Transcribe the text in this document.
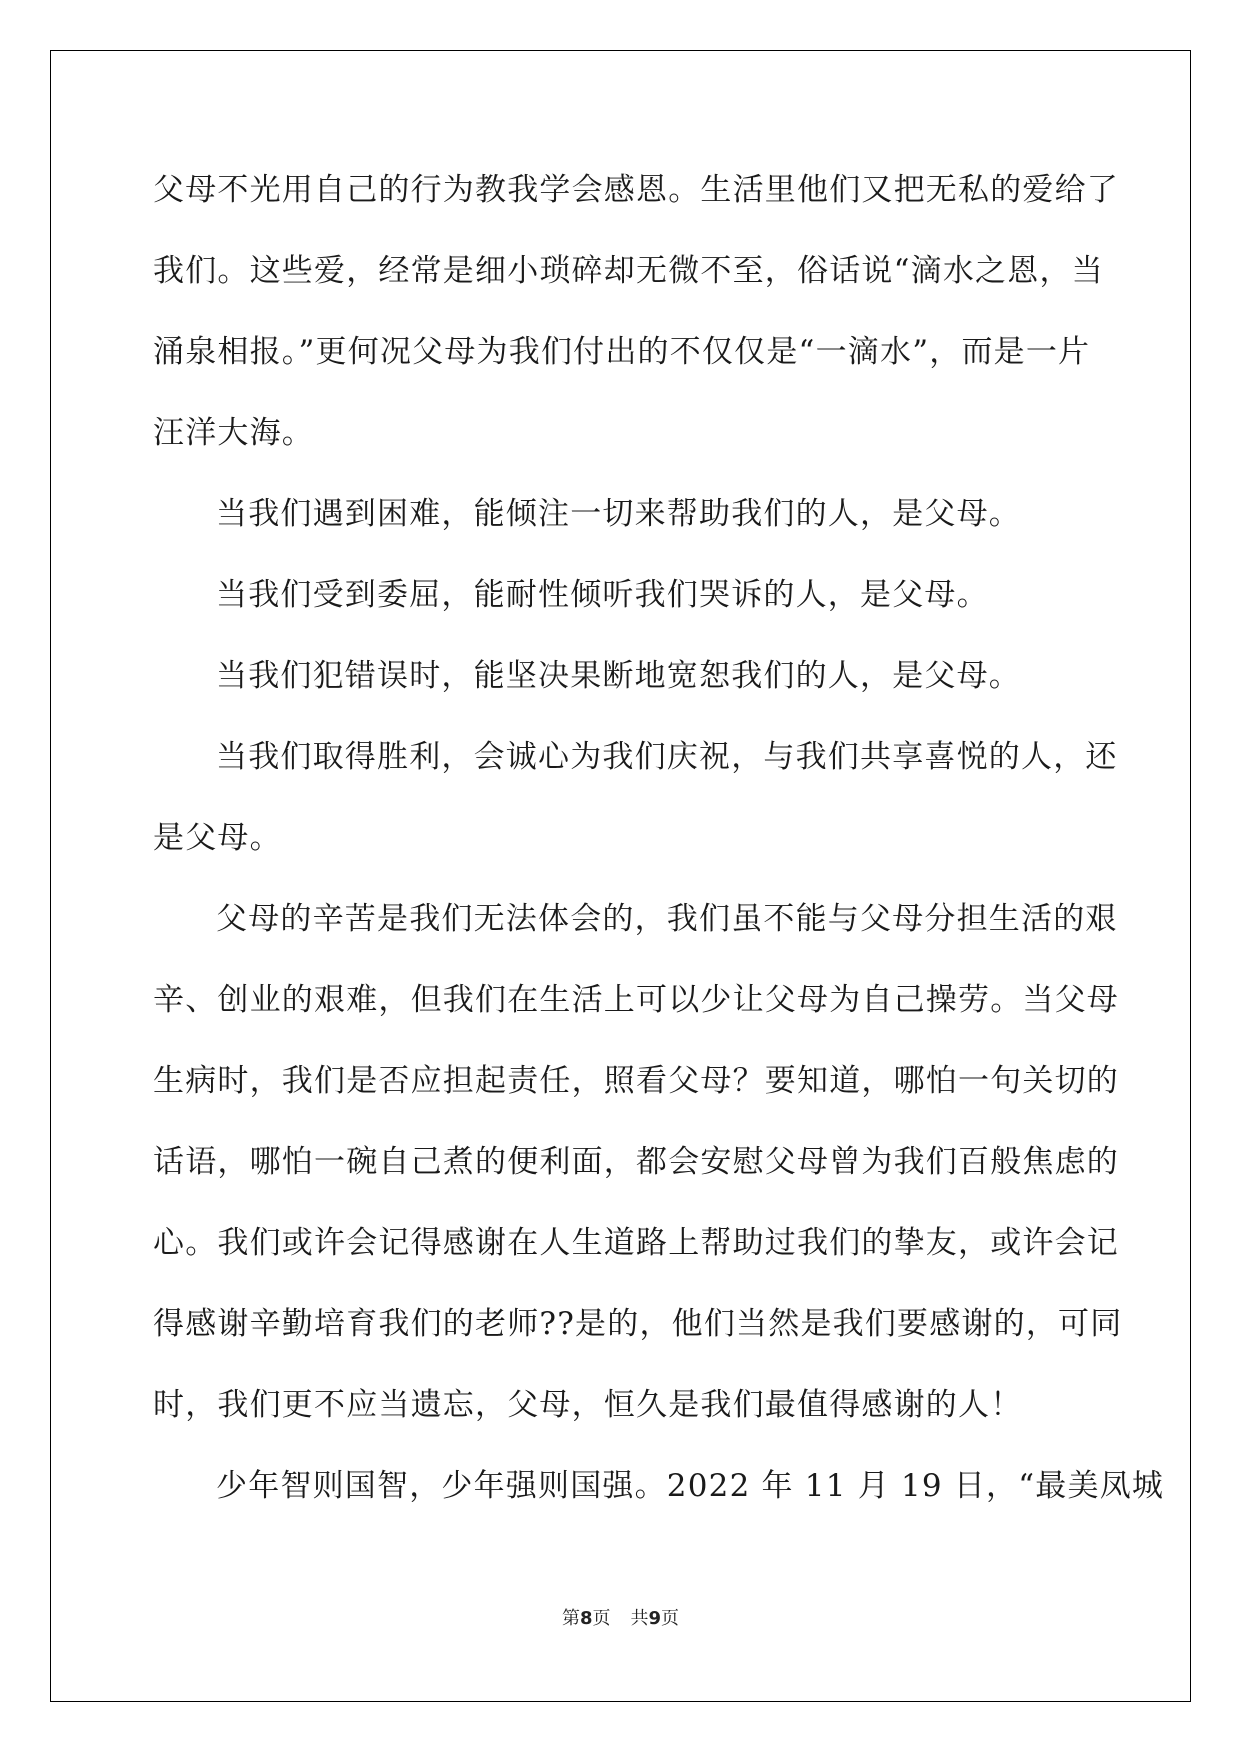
父母不光用自己的行为教我学会感恩。生活里他们又把无私的爱给了

我们。这些爱，经常是细小琐碎却无微不至，俗话说“滴水之恩，当

涌泉相报。”更何况父母为我们付出的不仅仅是“一滴水”，而是一片

汪洋大海。

当我们遇到困难，能倾注一切来帮助我们的人，是父母。

当我们受到委屈，能耐性倾听我们哭诉的人，是父母。

当我们犯错误时，能坚决果断地宽恕我们的人，是父母。

当我们取得胜利，会诚心为我们庆祝，与我们共享喜悦的人，还

是父母。

父母的辛苦是我们无法体会的，我们虽不能与父母分担生活的艰

辛、创业的艰难，但我们在生活上可以少让父母为自己操劳。当父母

生病时，我们是否应担起责任，照看父母？要知道，哪怕一句关切的

话语，哪怕一碗自己煮的便利面，都会安慰父母曾为我们百般焦虑的

心。我们或许会记得感谢在人生道路上帮助过我们的挚友，或许会记

得感谢辛勤培育我们的老师??是的，他们当然是我们要感谢的，可同

时，我们更不应当遗忘，父母，恒久是我们最值得感谢的人！

少年智则国智，少年强则国强。2022 年 11 月 19 日，“最美凤城

第8页 共9页
